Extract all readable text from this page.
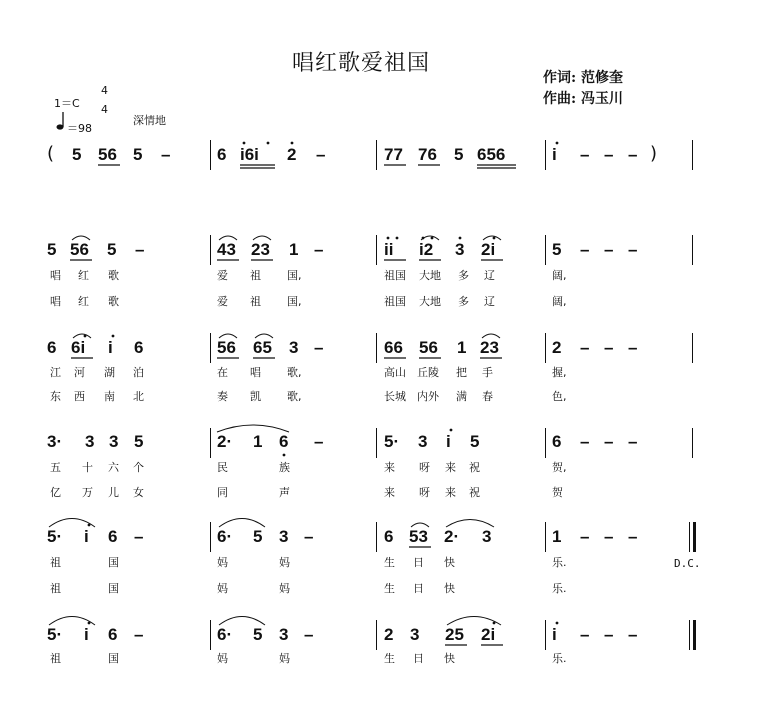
唱红歌爱祖国
作词: 范修奎
作曲: 冯玉川
1＝C
4
4
＝98
深情地
(	)
5 56 5 –	6 i6i 2 –	77 76 5 656	i – – –
5 56 5 –	43 23 1 –	ii i2 3 2i	5 – – –
唱 红 歌	爱 祖 国,	祖国 大地 多 辽	阔,
唱 红 歌	爱 祖 国,	祖国 大地 多 辽	阔,
6 6i i 6	56 65 3 –	66 56 1 23	2 – – –
江 河 湖 泊	在 唱 歌,	高山 丘陵 把 手	握,
东 西 南 北	奏 凯 歌,	长城 内外 满 春	色,
3· 3 3 5	2· 1 6 –	5· 3 i 5	6 – – –
五 十 六 个	民	族	来 呀 来 祝	贺,
亿 万 儿 女	同	声	来 呀 来 祝	贺
5· i 6 –	6· 5 3 –	6 53 2· 3	1 – – –
D.C.
祖	国	妈	妈	生 日 快	乐.
祖	国	妈	妈	生 日 快	乐.
5· i 6 –	6· 5 3 –	2 3 25 2i	i – – –
祖	国	妈	妈	生 日 快	乐.
